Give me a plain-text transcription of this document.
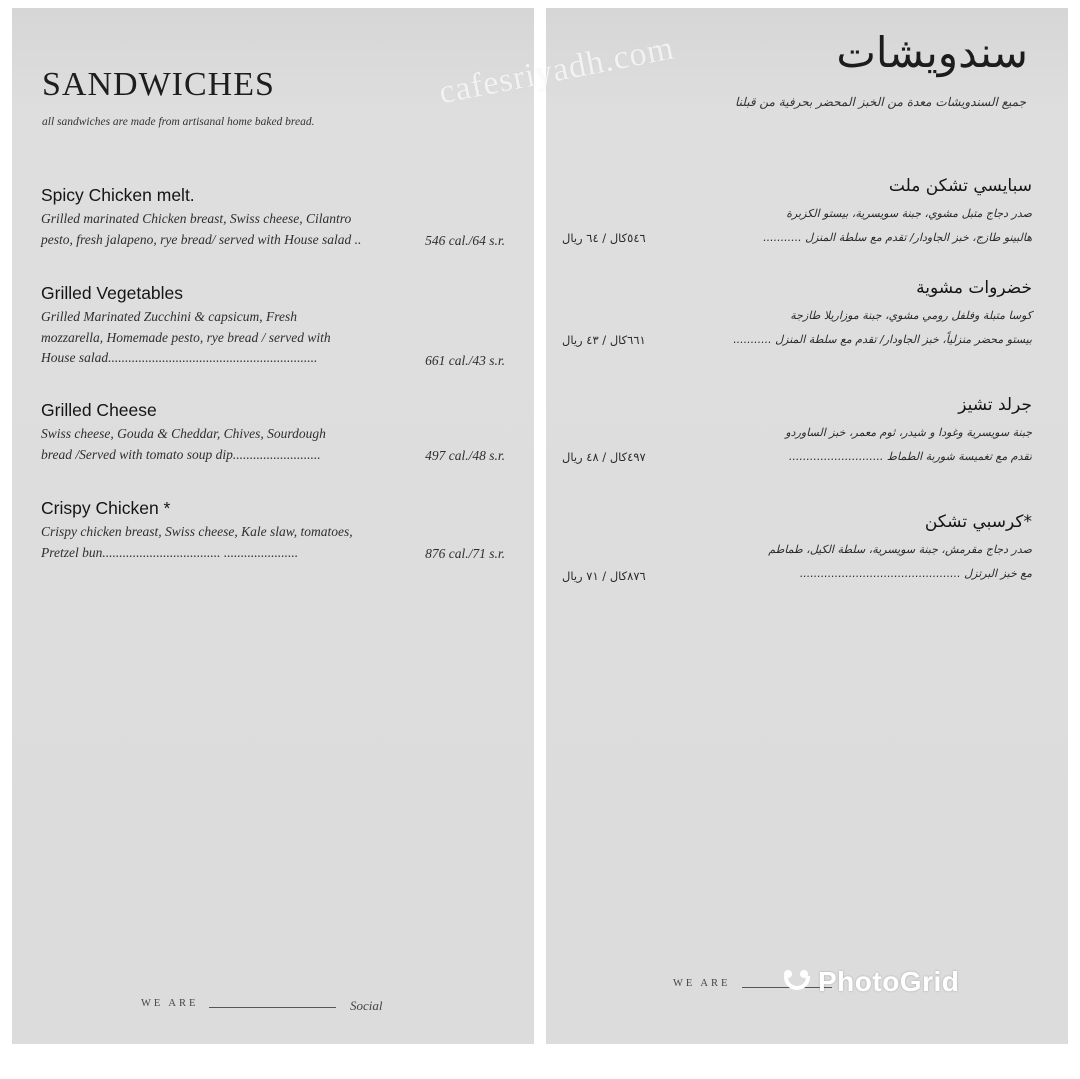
SANDWICHES
all sandwiches are made from artisanal home baked bread.
Spicy Chicken melt.
Grilled marinated Chicken breast, Swiss cheese, Cilantro
pesto, fresh jalapeno, rye bread/ served with House salad ..	546 cal./64 s.r.
Grilled Vegetables
Grilled Marinated Zucchini & capsicum, Fresh
mozzarella, Homemade pesto, rye bread / served with
House salad..............................................................	661 cal./43 s.r.
Grilled Cheese
Swiss cheese, Gouda & Cheddar, Chives, Sourdough
bread /Served with tomato soup dip..........................	497 cal./48 s.r.
Crispy Chicken *
Crispy chicken breast, Swiss cheese, Kale slaw, tomatoes,
Pretzel bun................................... ......................	876 cal./71 s.r.
WE ARE	Social
سندويشات
جميع السندويشات معدة من الخبز المحضر بحرفية من قبلنا
سبايسي تشكن ملت
صدر دجاج متبل مشوي، جبنة سويسرية، بيستو الكزبرة
هالبينو طازج، خبز الجاودار/ تقدم مع سلطة المنزل ...........
٥٤٦كال / ٦٤ ريال
خضروات مشوية
كوسا متبلة وفلفل رومي مشوي، جبنة موزاريلا طازجة
بيستو محضر منزلياً، خبز الجاودار/ تقدم مع سلطة المنزل ...........
٦٦١كال / ٤٣ ريال
جرلد تشيز
جبنة سويسرية وغودا و شيدر، ثوم معمر، خبز الساوردو
تقدم مع تغميسة شوربة الطماط ...........................
٤٩٧كال / ٤٨ ريال
*كرسبي تشكن
صدر دجاج مقرمش، جبنة سويسرية، سلطة الكيل، طماطم
مع خبز البرتزل ..............................................
٨٧٦كال / ٧١ ريال
WE ARE
cafesriyadh.com
PhotoGrid
